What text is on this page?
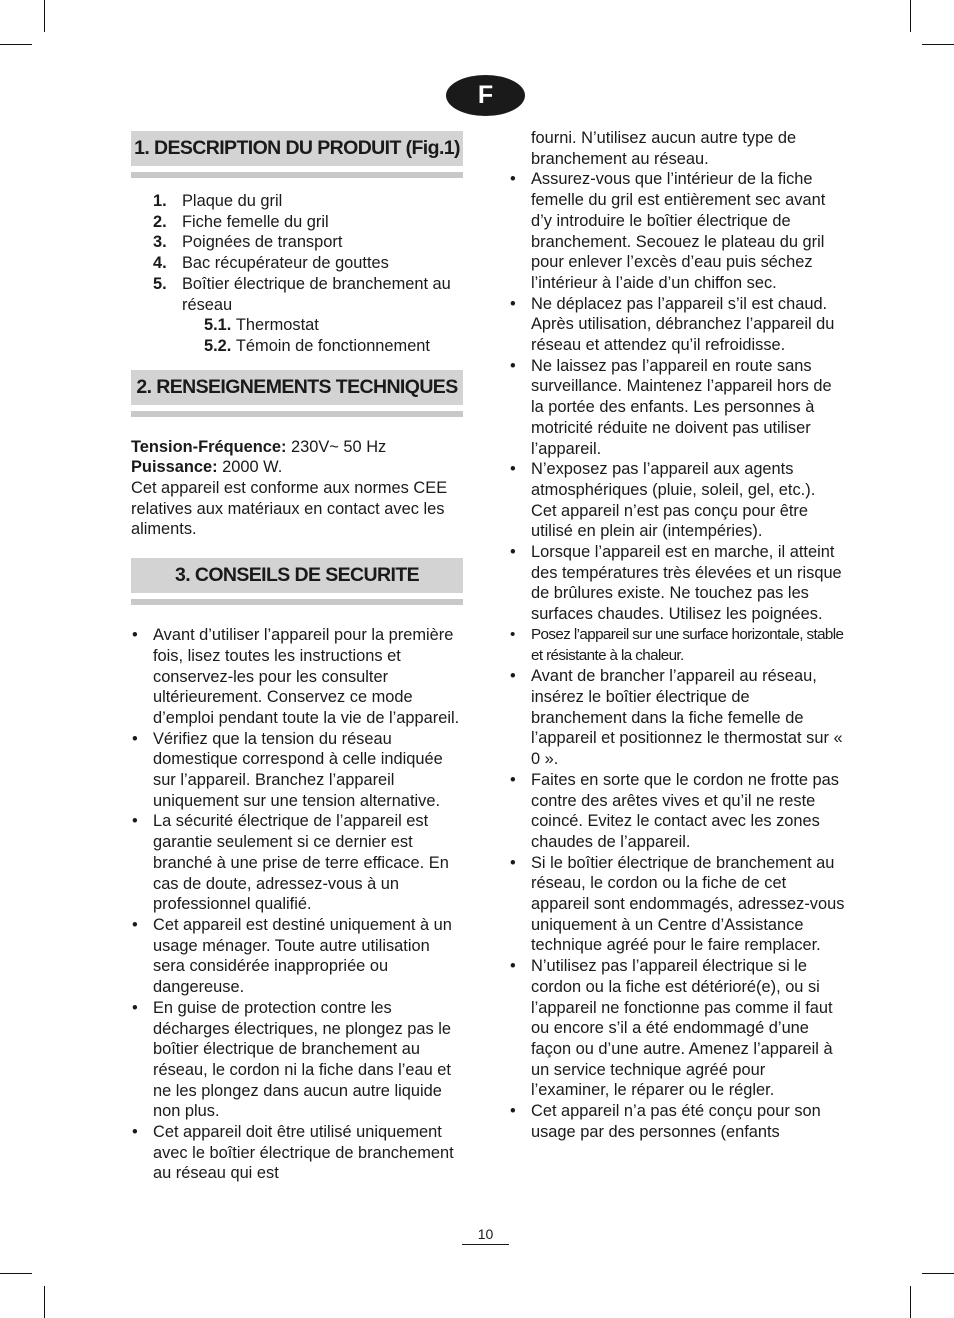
F
1. DESCRIPTION DU PRODUIT (Fig.1)
1. Plaque du gril
2. Fiche femelle du gril
3. Poignées de transport
4. Bac récupérateur de gouttes
5. Boîtier électrique de branchement au réseau
5.1.
Thermostat
5.2.
Témoin de fonctionnement
2. RENSEIGNEMENTS TECHNIQUES
Tension-Fréquence: 230V~ 50 Hz
Puissance: 2000 W.
Cet appareil est conforme aux normes CEE relatives aux matériaux en contact avec les aliments.
3. CONSEILS DE SECURITE
• Avant d’utiliser l’appareil pour la première fois, lisez toutes les instructions et conservez-les pour les consulter ultérieurement. Conservez ce mode d’emploi pendant toute la vie de l’appareil.
• Vérifiez que la tension du réseau domestique correspond à celle indiquée sur l’appareil. Branchez l’appareil uniquement sur une tension alternative.
• La sécurité électrique de l’appareil est garantie seulement si ce dernier est branché à une prise de terre efficace. En cas de doute, adressez-vous à un professionnel qualifié.
• Cet appareil est destiné uniquement à un usage ménager. Toute autre utilisation sera considérée inappropriée ou dangereuse.
• En guise de protection contre les décharges électriques, ne plongez pas le boîtier électrique de branchement au réseau, le cordon ni la fiche dans l’eau et ne les plongez dans aucun autre liquide non plus.
• Cet appareil doit être utilisé uniquement avec le boîtier électrique de branchement au réseau qui est
fourni. N’utilisez aucun autre type de branchement au réseau.
• Assurez-vous que l’intérieur de la fiche femelle du gril est entièrement sec avant d’y introduire le boîtier électrique de branchement. Secouez le plateau du gril pour enlever l’excès d’eau puis séchez l’intérieur à l’aide d’un chiffon sec.
• Ne déplacez pas l’appareil s’il est chaud. Après utilisation, débranchez l’appareil du réseau et attendez qu’il refroidisse.
• Ne laissez pas l’appareil en route sans surveillance. Maintenez l’appareil hors de la portée des enfants. Les personnes à motricité réduite ne doivent pas utiliser l’appareil.
• N’exposez pas l’appareil aux agents atmosphériques (pluie, soleil, gel, etc.). Cet appareil n’est pas conçu pour être utilisé en plein air (intempéries).
• Lorsque l’appareil est en marche, il atteint des températures très élevées et un risque de brûlures existe. Ne touchez pas les surfaces chaudes. Utilisez les poignées.
• Posez l’appareil sur une surface horizontale, stable et résistante à la chaleur.
• Avant de brancher l’appareil au réseau, insérez le boîtier électrique de branchement dans la fiche femelle de l’appareil et positionnez le thermostat sur « 0 ».
• Faites en sorte que le cordon ne frotte pas contre des arêtes vives et qu’il ne reste coincé. Evitez le contact avec les zones chaudes de l’appareil.
• Si le boîtier électrique de branchement au réseau, le cordon ou la fiche de cet appareil sont endommagés, adressez-vous uniquement à un Centre d’Assistance technique agréé pour le faire remplacer.
• N’utilisez pas l’appareil électrique si le cordon ou la fiche est détérioré(e), ou si l’appareil ne fonctionne pas comme il faut ou encore s’il a été endommagé d’une façon ou d’une autre. Amenez l’appareil à un service technique agréé pour l’examiner, le réparer ou le régler.
• Cet appareil n’a pas été conçu pour son usage par des personnes (enfants
10
